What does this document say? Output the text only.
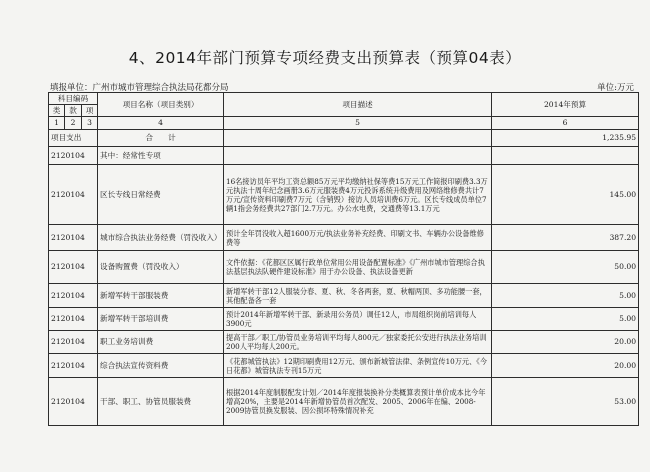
4、2014年部门预算专项经费支出预算表（预算04表）
填报单位：广州市城市管理综合执法局花都分局	单位:万元
科目编码			项目名称（项目类别）	项目描述	2014年预算
类	款	项			
1	2	3	4	5	6
项目支出			合　　计		1,235.95
2120104			其中：经常性专项		
2120104			区长专线日常经费	16名接访员年平均工资总额85万元平均缴纳社保等费15万元工作简报印刷费3.3万元执法十周年纪念画册3.6万元服装费4万元投诉系统升级费用及网络维修费共计7万元/宣传资料印刷费7万元（含销毁）接访人员培训费6万元。区长专线成员单位7辆1指会务经费共27部门2.7万元。办公水电费，交通费等13.1万元	145.00
2120104			城市综合执法业务经费（罚没收入）	预计全年罚没收入超1600万元/执法业务补充经费、印刷文书、车辆办公设备维修费等	387.20
2120104			设备购置费（罚没收入）	文件依据：《花都区区属行政单位常用公用设备配置标准》《广州市城市管理综合执法基层执法队硬件建设标准》用于办公设备、执法设备更新	50.00
2120104			新增军转干部服装费	新增军转干部12人服装分春、夏、秋、冬各两套，夏、秋帽两顶、多功能腰一套，其他配备各一套	5.00
2120104			新增军转干部培训费	预计2014年新增军转干部、新录用公务员）调任12人，市局组织岗前培训每人3900元	5.00
2120104			职工业务培训费	提高干部／职工/协管员业务培训平均每人800元／独家委托公安进行执法业务培训200人平均每人200元。	20.00
2120104			综合执法宣传资料费	《花都城管执法》12期印刷费用12万元、颁布新城管法律、条例宣传10万元、《今日花都》城管执法专刊15万元	20.00
2120104			干部、职工、协管员服装费	根据2014年度制服配发计划／2014年度报装换补分类概算表预计单价成本比今年增高20%，主要是2014年新增协管员首次配发、2005、2006年在编、2008-2009协管员换发服装、因公损坏特殊情况补充	53.00
